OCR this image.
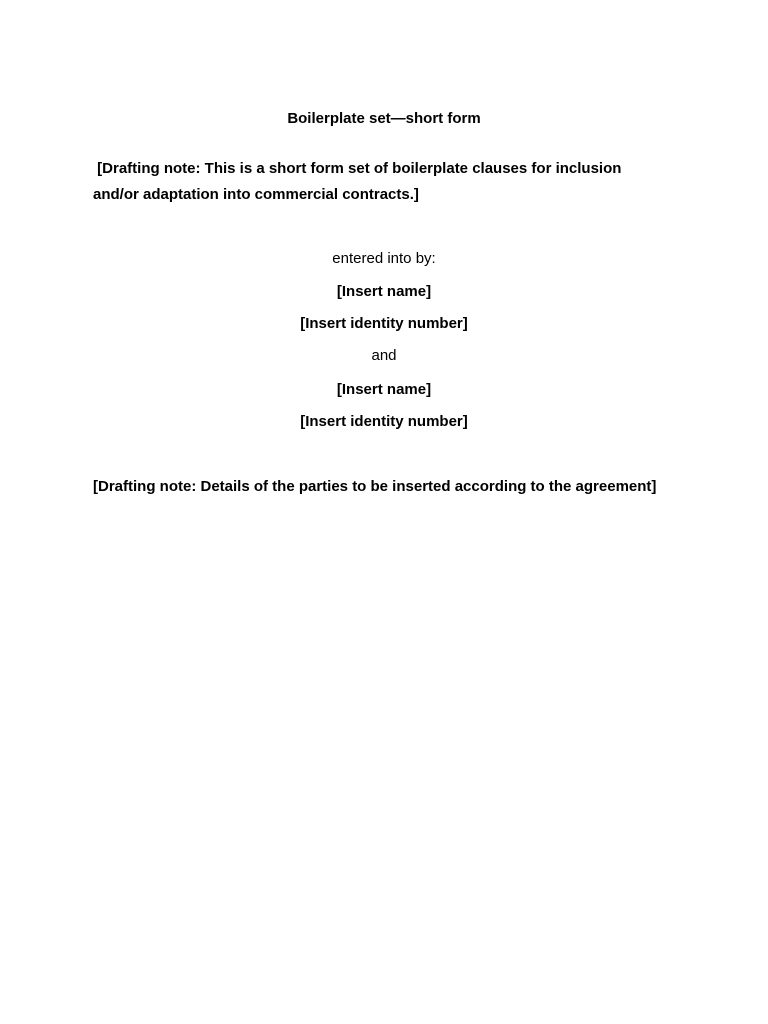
Boilerplate set—short form
[Drafting note: This is a short form set of boilerplate clauses for inclusion
and/or adaptation into commercial contracts.]
entered into by:
[Insert name]
[Insert identity number]
and
[Insert name]
[Insert identity number]
[Drafting note: Details of the parties to be inserted according to the agreement]
